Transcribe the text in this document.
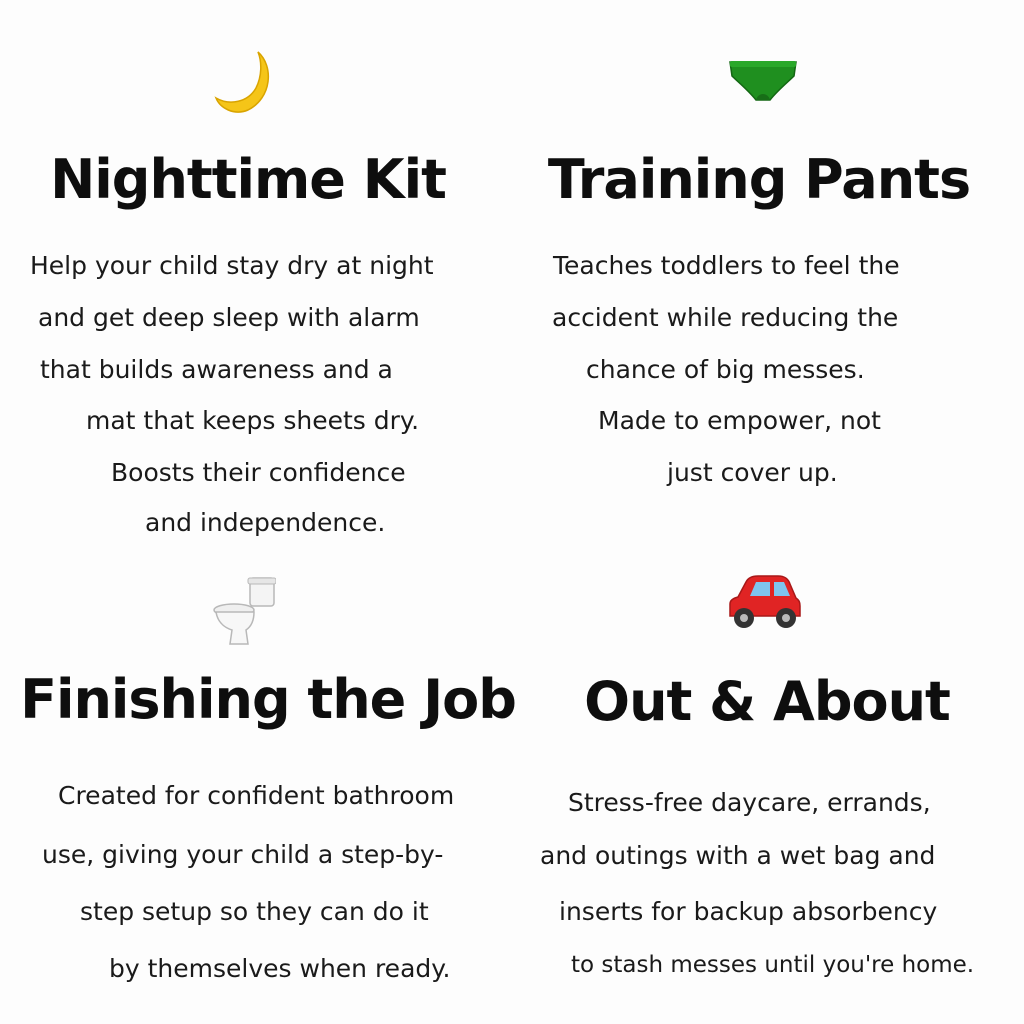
Nighttime Kit
Help your child stay dry at night
and get deep sleep with alarm
that builds awareness and a
mat that keeps sheets dry.
Boosts their confidence
and independence.
Training Pants
Teaches toddlers to feel the
accident while reducing the
chance of big messes.
Made to empower, not
just cover up.
Finishing the Job
Created for confident bathroom
use, giving your child a step-by-
step setup so they can do it
by themselves when ready.
Out & About
Stress-free daycare, errands,
and outings with a wet bag and
inserts for backup absorbency
to stash messes until you're home.
